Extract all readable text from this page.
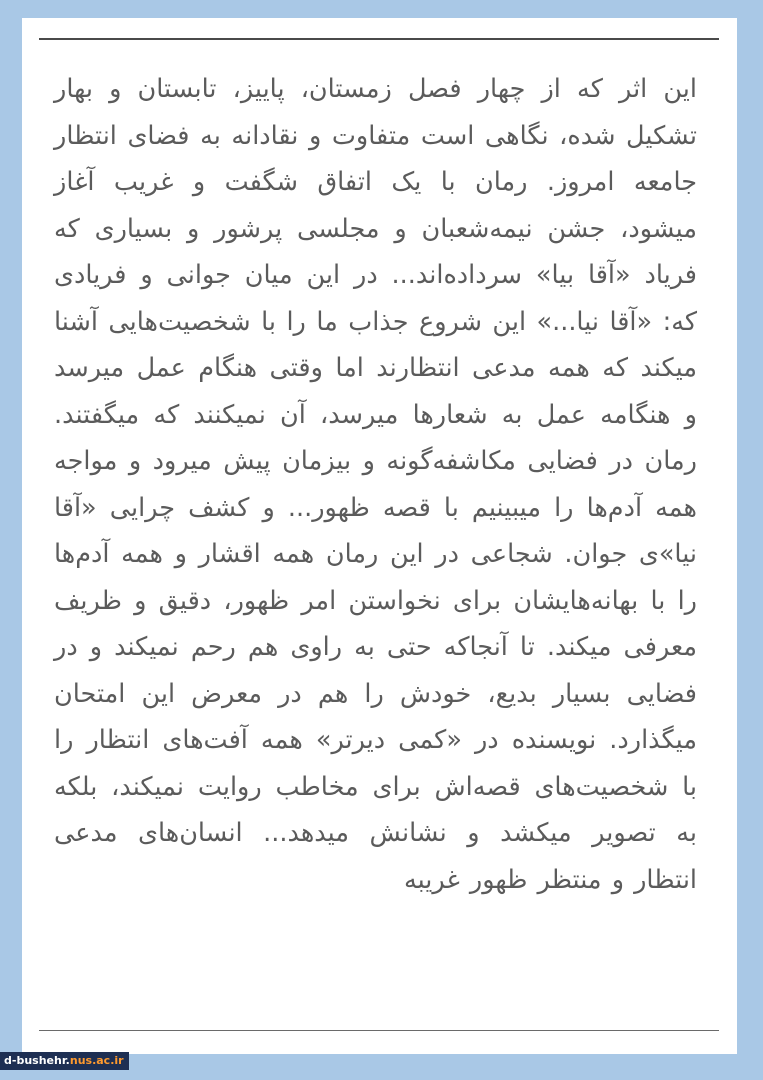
این اثر که از چهار فصل زمستان، پاییز، تابستان و بهار تشکیل شده، نگاهی است متفاوت و نقادانه به فضای انتظار جامعه امروز. رمان با یک اتفاق شگفت و غریب آغاز میشود، جشن نیمه‌شعبان و مجلسی پرشور و بسیاری که فریاد «آقا بیا» سرداده‌اند... در این میان جوانی و فریادی که: «آقا نیا...» این شروع جذاب ما را با شخصیت‌هایی آشنا میکند که همه مدعی انتظارند اما وقتی هنگام عمل میرسد و هنگامه عمل به شعارها میرسد، آن نمیکنند که میگفتند. رمان در فضایی مکاشفه‌گونه و بیزمان پیش میرود و مواجه همه آدم‌ها را میبینیم با قصه ظهور... و کشف چرایی «آقا نیا»ی جوان. شجاعی در این رمان همه اقشار و همه آدم‌ها را با بهانه‌هایشان برای نخواستن امر ظهور، دقیق و ظریف معرفی میکند. تا آنجاکه حتی به راوی هم رحم نمیکند و در فضایی بسیار بدیع، خودش را هم در معرض این امتحان میگذارد. نویسنده در «کمی دیرتر» همه آفت‌های انتظار را با شخصیت‌های قصه‌اش برای مخاطب روایت نمیکند، بلکه به تصویر میکشد و نشانش میدهد... انسان‌های مدعی انتظار و منتظر ظهور غریبه
d-bushehr.nus.ac.ir
